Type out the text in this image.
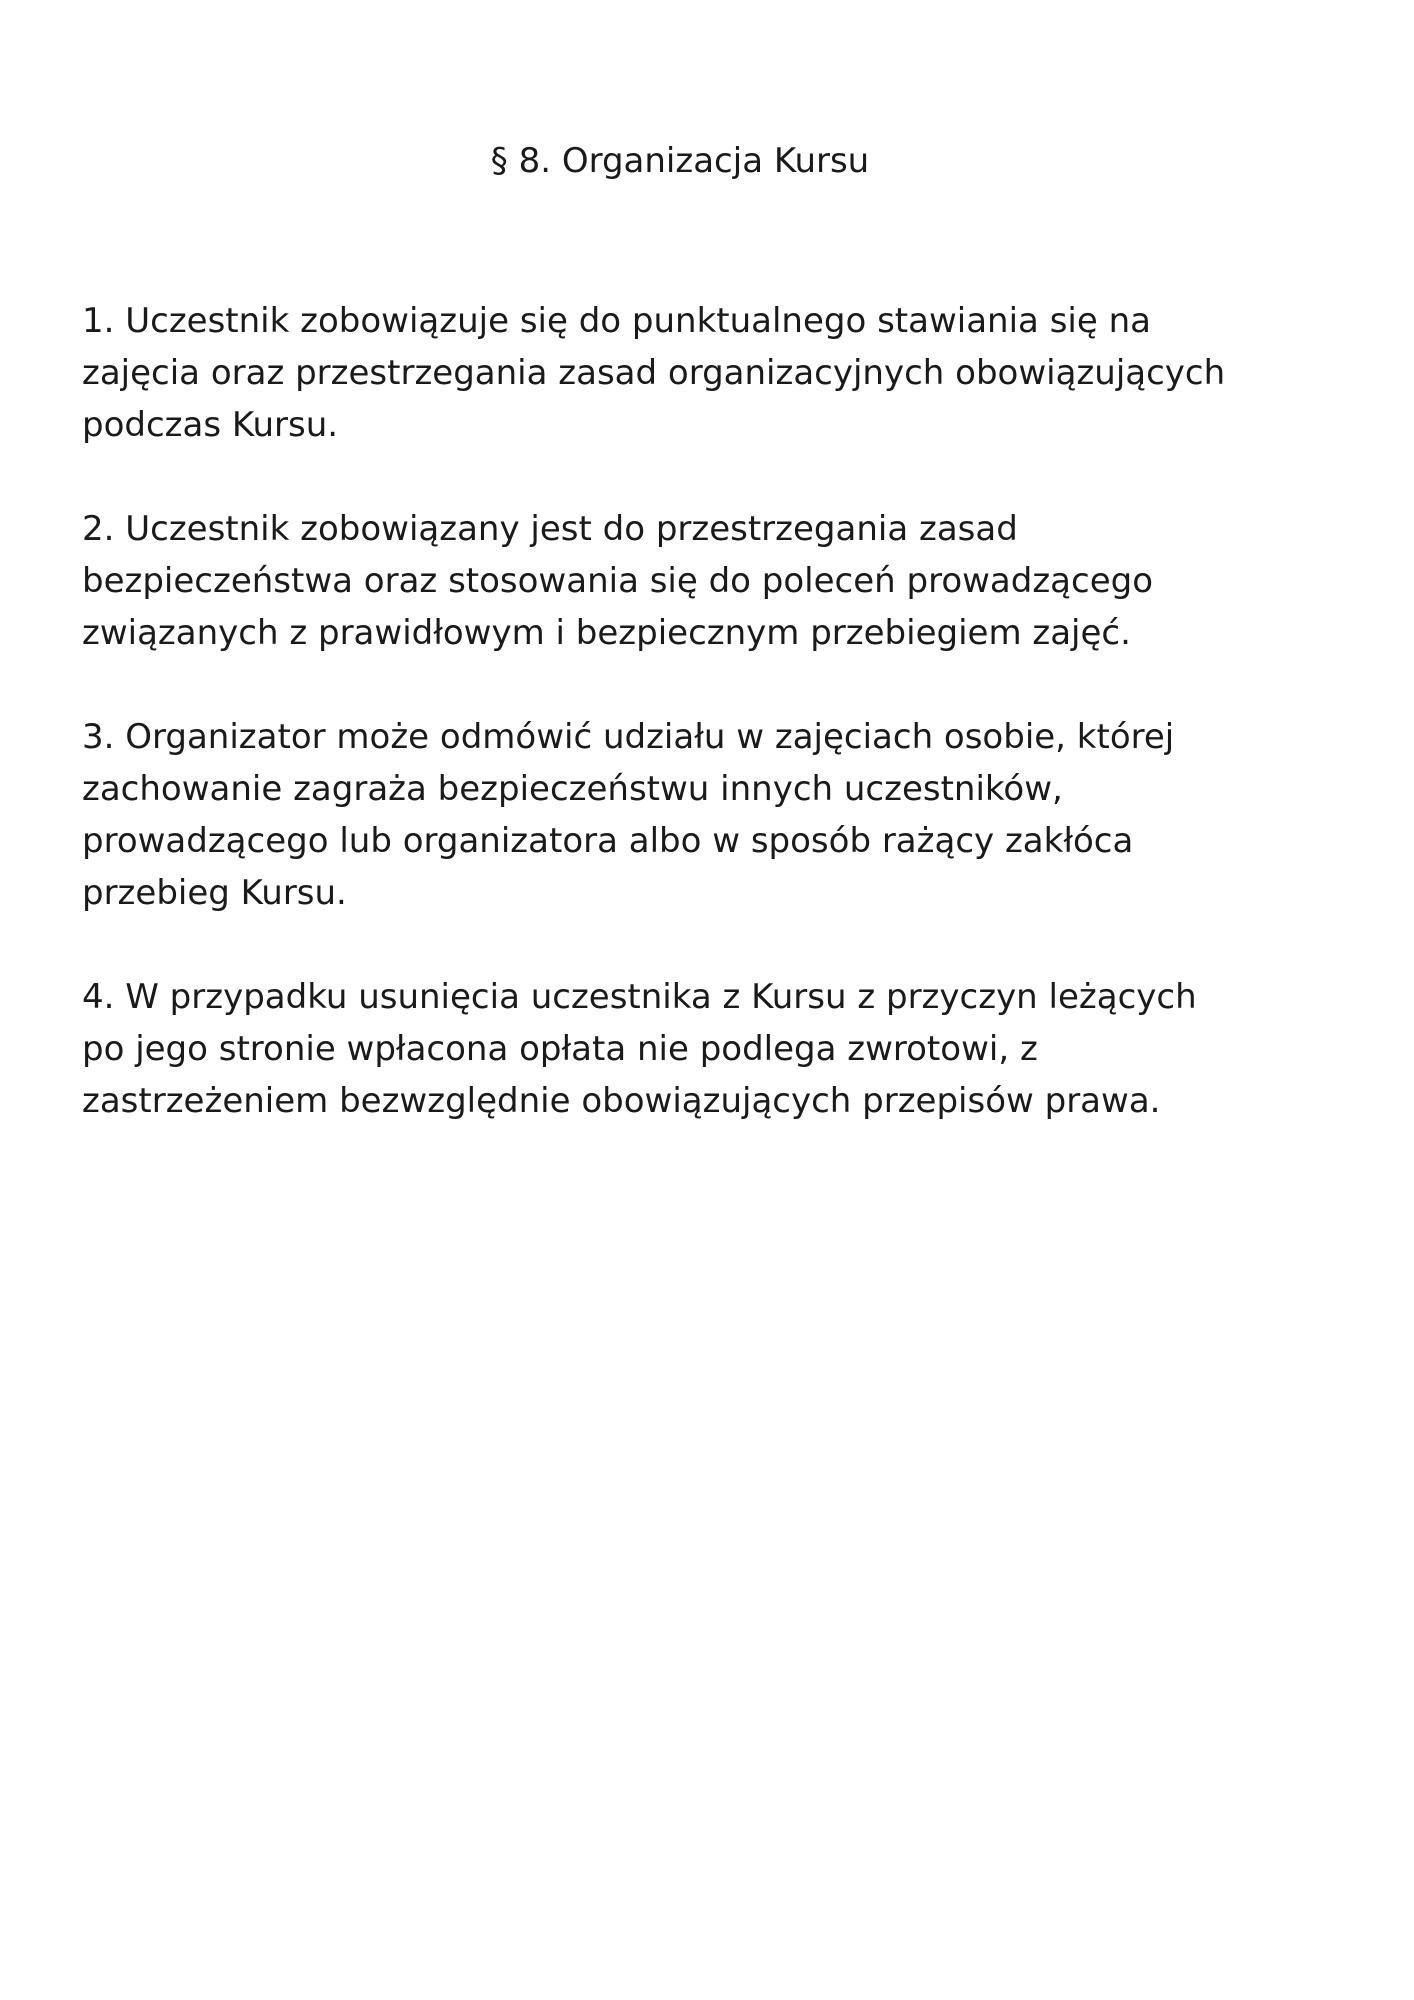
§ 8. Organizacja Kursu

1. Uczestnik zobowiązuje się do punktualnego stawiania się na
zajęcia oraz przestrzegania zasad organizacyjnych obowiązujących
podczas Kursu.

2. Uczestnik zobowiązany jest do przestrzegania zasad
bezpieczeństwa oraz stosowania się do poleceń prowadzącego
związanych z prawidłowym i bezpiecznym przebiegiem zajęć.

3. Organizator może odmówić udziału w zajęciach osobie, której
zachowanie zagraża bezpieczeństwu innych uczestników,
prowadzącego lub organizatora albo w sposób rażący zakłóca
przebieg Kursu.

4. W przypadku usunięcia uczestnika z Kursu z przyczyn leżących
po jego stronie wpłacona opłata nie podlega zwrotowi, z
zastrzeżeniem bezwzględnie obowiązujących przepisów prawa.
